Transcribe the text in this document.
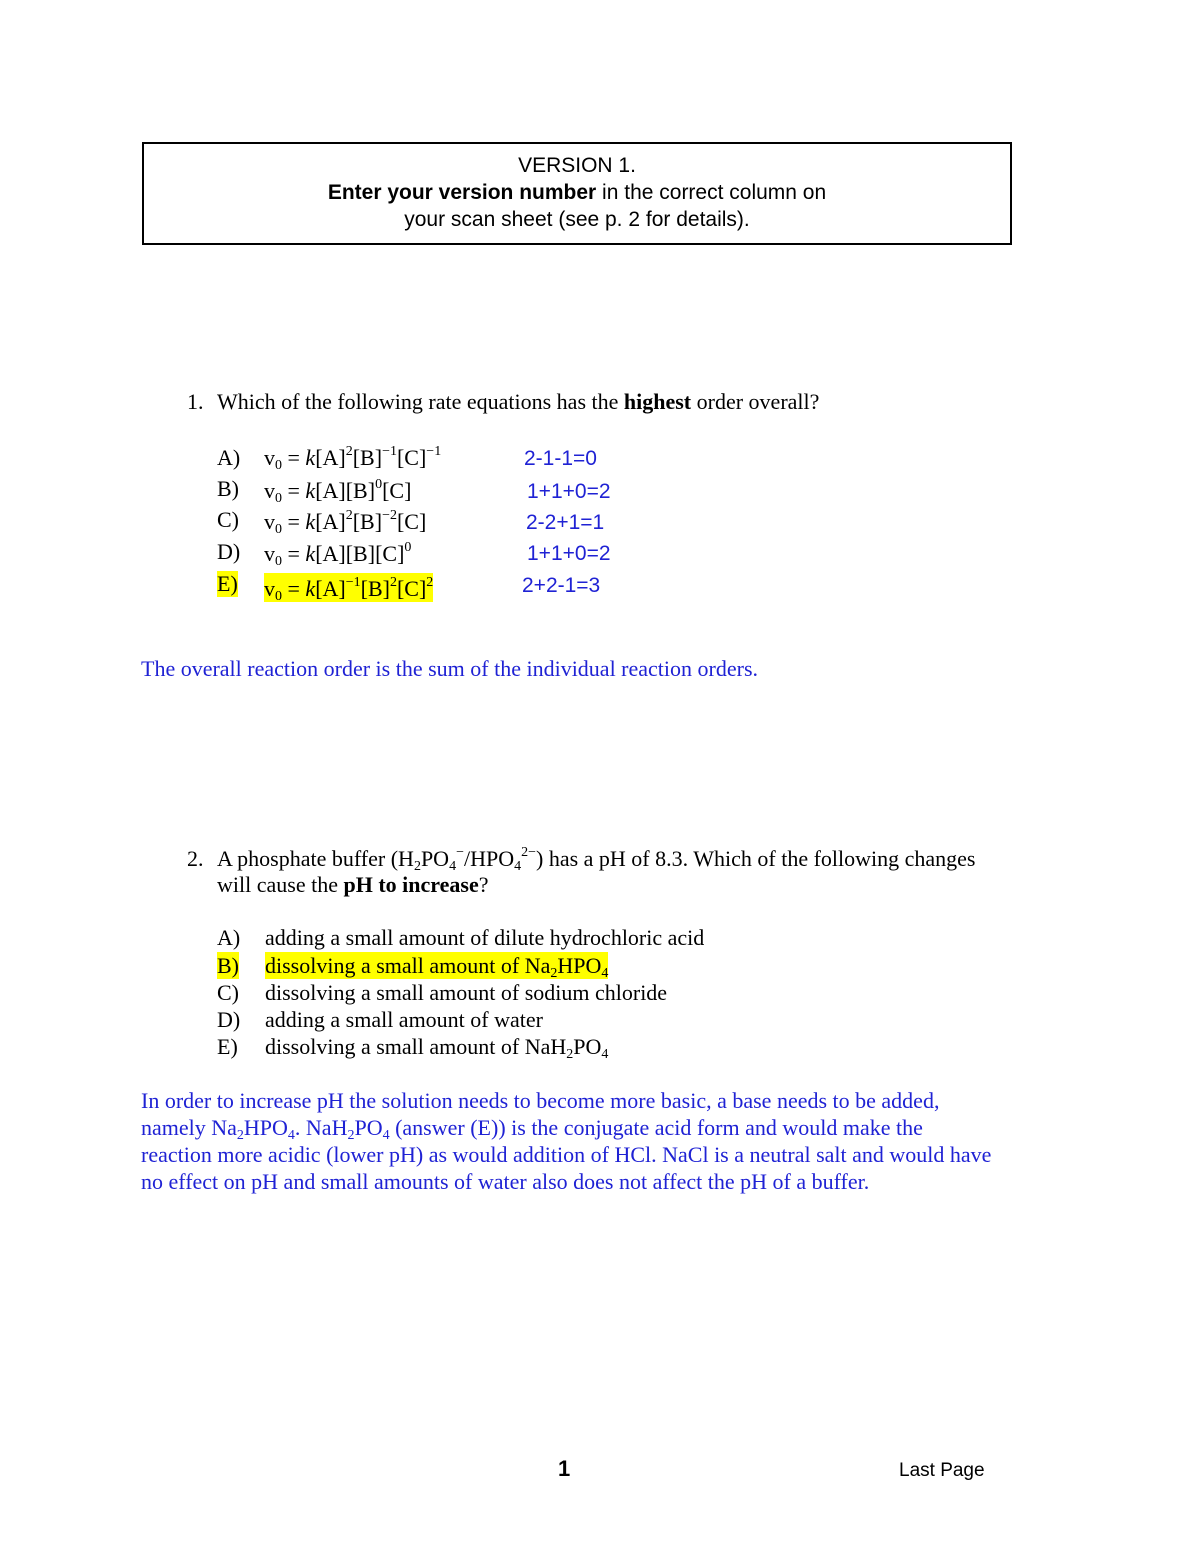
VERSION 1.
Enter your version number in the correct column on
your scan sheet (see p. 2 for details).
1. Which of the following rate equations has the highest order overall?
A) $v_0 = k[A]^2[B]^{-1}[C]^{-1}$	2-1-1=0
B) $v_0 = k[A][B]^0[C]$	1+1+0=2
C) $v_0 = k[A]^2[B]^{-2}[C]$	2-2+1=1
D) $v_0 = k[A][B][C]^0$	1+1+0=2
E) $v_0 = k[A]^{-1}[B]^2[C]^2$	2+2-1=3
The overall reaction order is the sum of the individual reaction orders.
2. A phosphate buffer $(H_2PO_4^-/HPO_4^{2-})$ has a pH of 8.3. Which of the following changes
will cause the pH to increase?
A) adding a small amount of dilute hydrochloric acid
B) dissolving a small amount of $Na_2HPO_4$
C) dissolving a small amount of sodium chloride
D) adding a small amount of water
E) dissolving a small amount of $NaH_2PO_4$
In order to increase pH the solution needs to become more basic, a base needs to be added,
namely $Na_2HPO_4$. $NaH_2PO_4$ (answer (E)) is the conjugate acid form and would make the
reaction more acidic (lower pH) as would addition of HCl. NaCl is a neutral salt and would have
no effect on pH and small amounts of water also does not affect the pH of a buffer.
1	Last Page
